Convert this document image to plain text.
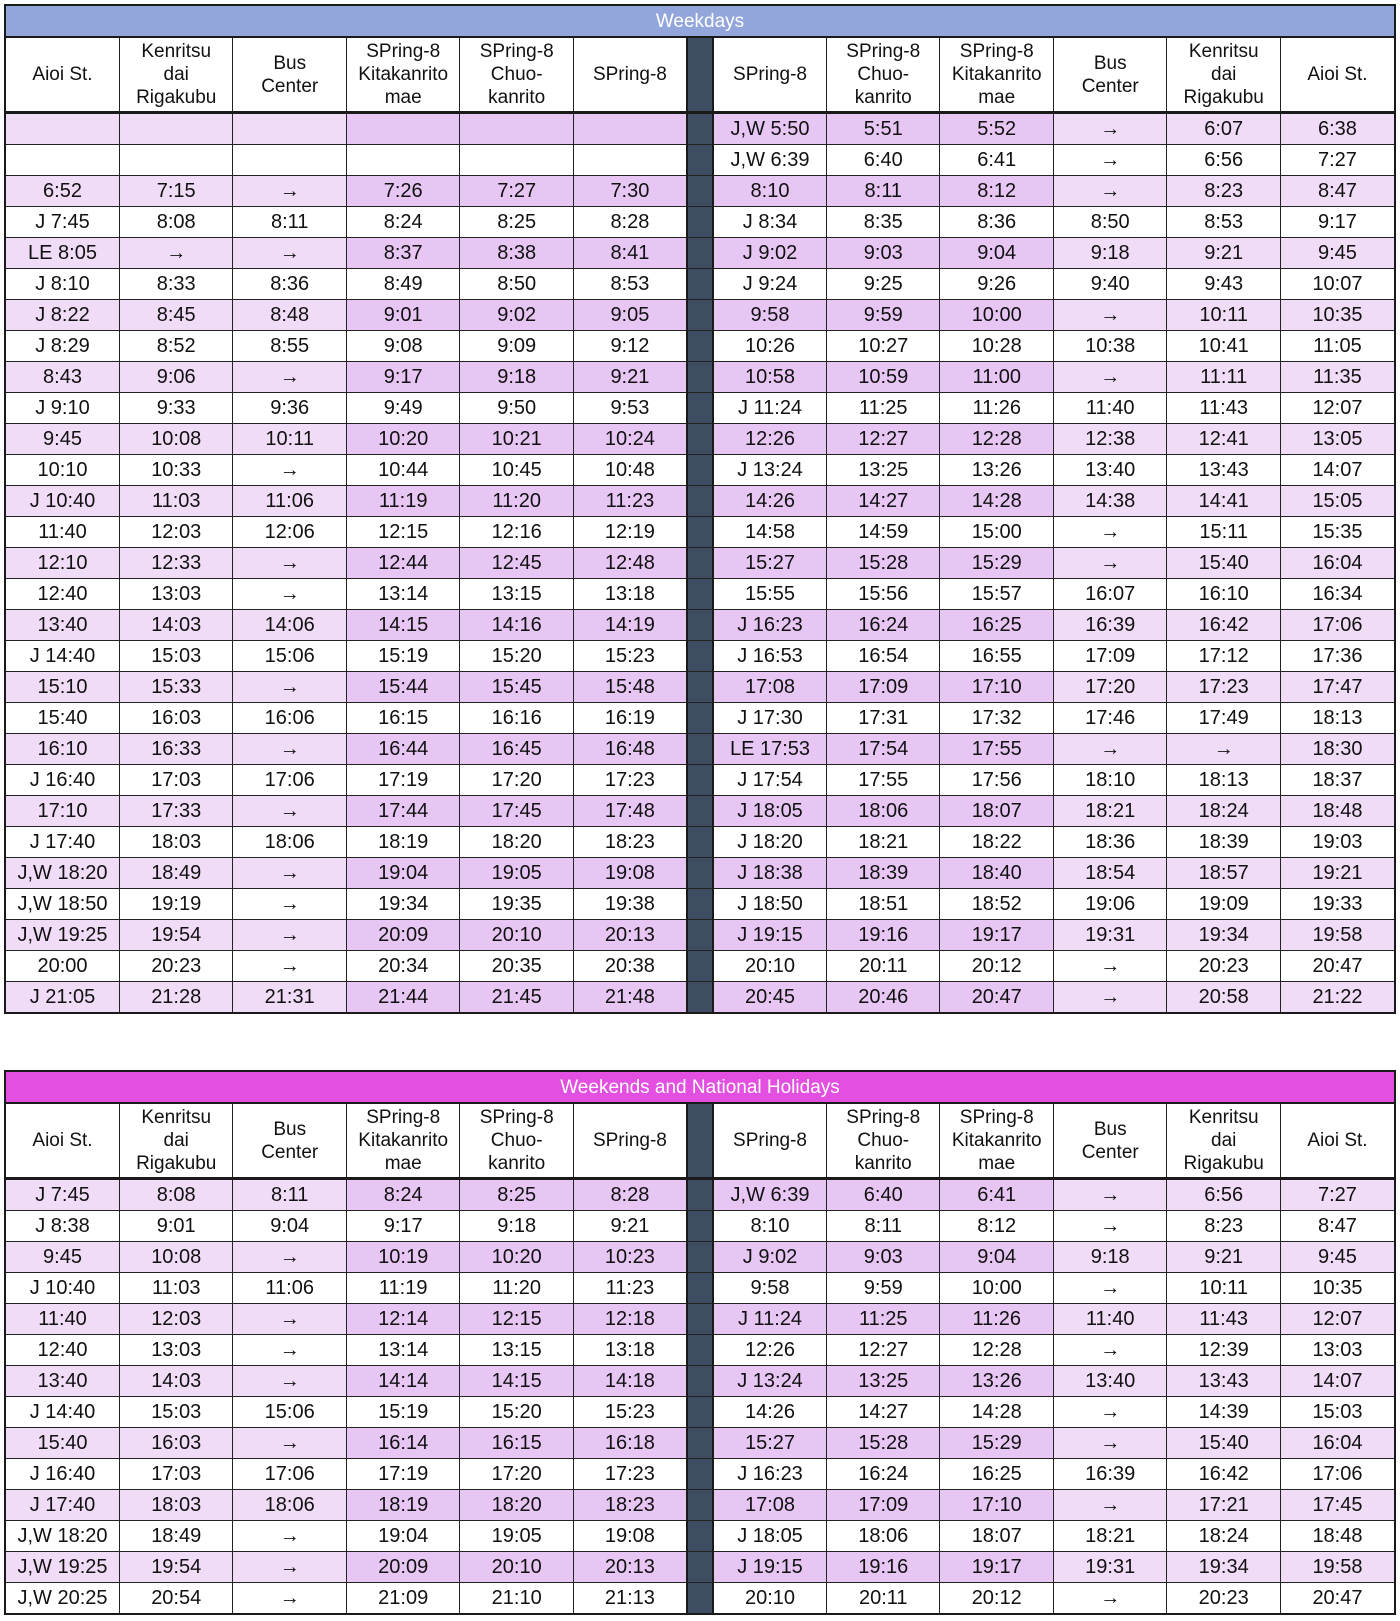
Weekdays
Aioi St.	Kenritsu
dai
Rigakubu	Bus
Center	SPring-8
Kitakanrito
mae	SPring-8
Chuo-
kanrito	SPring-8		SPring-8	SPring-8
Chuo-
kanrito	SPring-8
Kitakanrito
mae	Bus
Center	Kenritsu
dai
Rigakubu	Aioi St.
							J,W 5:50	5:51	5:52	→	6:07	6:38
							J,W 6:39	6:40	6:41	→	6:56	7:27
6:52	7:15	→	7:26	7:27	7:30		8:10	8:11	8:12	→	8:23	8:47
J 7:45	8:08	8:11	8:24	8:25	8:28		J 8:34	8:35	8:36	8:50	8:53	9:17
LE 8:05	→	→	8:37	8:38	8:41		J 9:02	9:03	9:04	9:18	9:21	9:45
J 8:10	8:33	8:36	8:49	8:50	8:53		J 9:24	9:25	9:26	9:40	9:43	10:07
J 8:22	8:45	8:48	9:01	9:02	9:05		9:58	9:59	10:00	→	10:11	10:35
J 8:29	8:52	8:55	9:08	9:09	9:12		10:26	10:27	10:28	10:38	10:41	11:05
8:43	9:06	→	9:17	9:18	9:21		10:58	10:59	11:00	→	11:11	11:35
J 9:10	9:33	9:36	9:49	9:50	9:53		J 11:24	11:25	11:26	11:40	11:43	12:07
9:45	10:08	10:11	10:20	10:21	10:24		12:26	12:27	12:28	12:38	12:41	13:05
10:10	10:33	→	10:44	10:45	10:48		J 13:24	13:25	13:26	13:40	13:43	14:07
J 10:40	11:03	11:06	11:19	11:20	11:23		14:26	14:27	14:28	14:38	14:41	15:05
11:40	12:03	12:06	12:15	12:16	12:19		14:58	14:59	15:00	→	15:11	15:35
12:10	12:33	→	12:44	12:45	12:48		15:27	15:28	15:29	→	15:40	16:04
12:40	13:03	→	13:14	13:15	13:18		15:55	15:56	15:57	16:07	16:10	16:34
13:40	14:03	14:06	14:15	14:16	14:19		J 16:23	16:24	16:25	16:39	16:42	17:06
J 14:40	15:03	15:06	15:19	15:20	15:23		J 16:53	16:54	16:55	17:09	17:12	17:36
15:10	15:33	→	15:44	15:45	15:48		17:08	17:09	17:10	17:20	17:23	17:47
15:40	16:03	16:06	16:15	16:16	16:19		J 17:30	17:31	17:32	17:46	17:49	18:13
16:10	16:33	→	16:44	16:45	16:48		LE 17:53	17:54	17:55	→	→	18:30
J 16:40	17:03	17:06	17:19	17:20	17:23		J 17:54	17:55	17:56	18:10	18:13	18:37
17:10	17:33	→	17:44	17:45	17:48		J 18:05	18:06	18:07	18:21	18:24	18:48
J 17:40	18:03	18:06	18:19	18:20	18:23		J 18:20	18:21	18:22	18:36	18:39	19:03
J,W 18:20	18:49	→	19:04	19:05	19:08		J 18:38	18:39	18:40	18:54	18:57	19:21
J,W 18:50	19:19	→	19:34	19:35	19:38		J 18:50	18:51	18:52	19:06	19:09	19:33
J,W 19:25	19:54	→	20:09	20:10	20:13		J 19:15	19:16	19:17	19:31	19:34	19:58
20:00	20:23	→	20:34	20:35	20:38		20:10	20:11	20:12	→	20:23	20:47
J 21:05	21:28	21:31	21:44	21:45	21:48		20:45	20:46	20:47	→	20:58	21:22
Weekends and National Holidays
Aioi St.	Kenritsu
dai
Rigakubu	Bus
Center	SPring-8
Kitakanrito
mae	SPring-8
Chuo-
kanrito	SPring-8		SPring-8	SPring-8
Chuo-
kanrito	SPring-8
Kitakanrito
mae	Bus
Center	Kenritsu
dai
Rigakubu	Aioi St.
J 7:45	8:08	8:11	8:24	8:25	8:28		J,W 6:39	6:40	6:41	→	6:56	7:27
J 8:38	9:01	9:04	9:17	9:18	9:21		8:10	8:11	8:12	→	8:23	8:47
9:45	10:08	→	10:19	10:20	10:23		J 9:02	9:03	9:04	9:18	9:21	9:45
J 10:40	11:03	11:06	11:19	11:20	11:23		9:58	9:59	10:00	→	10:11	10:35
11:40	12:03	→	12:14	12:15	12:18		J 11:24	11:25	11:26	11:40	11:43	12:07
12:40	13:03	→	13:14	13:15	13:18		12:26	12:27	12:28	→	12:39	13:03
13:40	14:03	→	14:14	14:15	14:18		J 13:24	13:25	13:26	13:40	13:43	14:07
J 14:40	15:03	15:06	15:19	15:20	15:23		14:26	14:27	14:28	→	14:39	15:03
15:40	16:03	→	16:14	16:15	16:18		15:27	15:28	15:29	→	15:40	16:04
J 16:40	17:03	17:06	17:19	17:20	17:23		J 16:23	16:24	16:25	16:39	16:42	17:06
J 17:40	18:03	18:06	18:19	18:20	18:23		17:08	17:09	17:10	→	17:21	17:45
J,W 18:20	18:49	→	19:04	19:05	19:08		J 18:05	18:06	18:07	18:21	18:24	18:48
J,W 19:25	19:54	→	20:09	20:10	20:13		J 19:15	19:16	19:17	19:31	19:34	19:58
J,W 20:25	20:54	→	21:09	21:10	21:13		20:10	20:11	20:12	→	20:23	20:47
